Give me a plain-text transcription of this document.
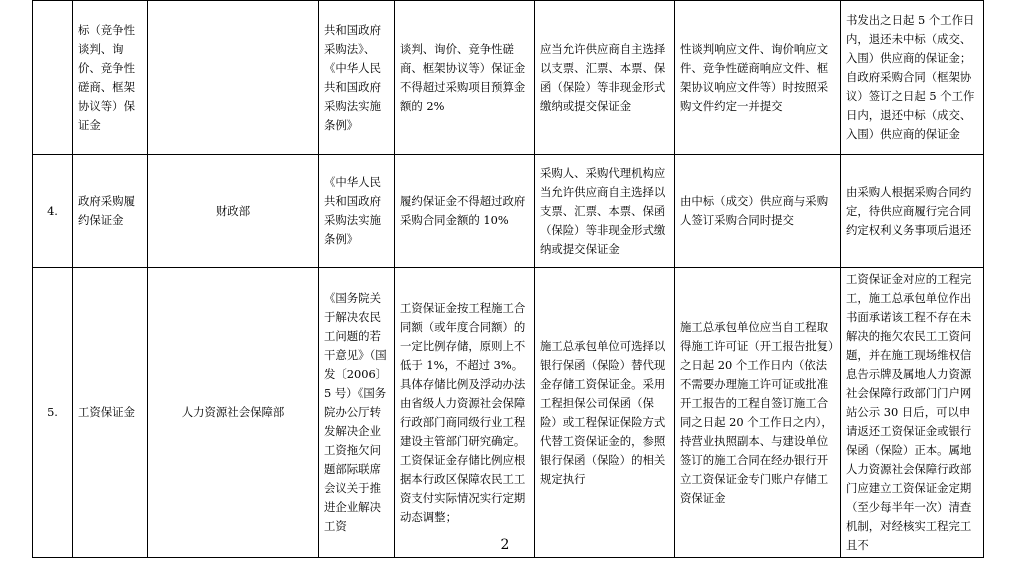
	标（竞争性谈判、询价、竞争性磋商、框架协议等）保证金		共和国政府采购法》、《中华人民共和国政府采购法实施条例》	谈判、询价、竞争性磋商、框架协议等）保证金不得超过采购项目预算金额的 2%	应当允许供应商自主选择以支票、汇票、本票、保函（保险）等非现金形式缴纳或提交保证金	性谈判响应文件、询价响应文件、竞争性磋商响应文件、框架协议响应文件等）时按照采购文件约定一并提交	书发出之日起 5 个工作日内，退还未中标（成交、入围）供应商的保证金；自政府采购合同（框架协议）签订之日起 5 个工作日内，退还中标（成交、入围）供应商的保证金
4.	政府采购履约保证金	财政部	《中华人民共和国政府采购法实施条例》	履约保证金不得超过政府采购合同金额的 10%	采购人、采购代理机构应当允许供应商自主选择以支票、汇票、本票、保函（保险）等非现金形式缴纳或提交保证金	由中标（成交）供应商与采购人签订采购合同时提交	由采购人根据采购合同约定，待供应商履行完合同约定权利义务事项后退还
5.	工资保证金	人力资源社会保障部	《国务院关于解决农民工问题的若干意见》（国发〔2006〕5 号）《国务院办公厅转发解决企业工资拖欠问题部际联席会议关于推进企业解决工资	工资保证金按工程施工合同额（或年度合同额）的一定比例存储，原则上不低于 1%，不超过 3%。具体存储比例及浮动办法由省级人力资源社会保障行政部门商同级行业工程建设主管部门研究确定。工资保证金存储比例应根据本行政区保障农民工工资支付实际情况实行定期动态调整；	施工总承包单位可选择以银行保函（保险）替代现金存储工资保证金。采用工程担保公司保函（保险）或工程保证保险方式代替工资保证金的，参照银行保函（保险）的相关规定执行	施工总承包单位应当自工程取得施工许可证（开工报告批复）之日起 20 个工作日内（依法不需要办理施工许可证或批准开工报告的工程自签订施工合同之日起 20 个工作日之内），持营业执照副本、与建设单位签订的施工合同在经办银行开立工资保证金专门账户存储工资保证金	工资保证金对应的工程完工，施工总承包单位作出书面承诺该工程不存在未解决的拖欠农民工工资问题，并在施工现场维权信息告示牌及属地人力资源社会保障行政部门门户网站公示 30 日后，可以申请返还工资保证金或银行保函（保险）正本。属地人力资源社会保障行政部门应建立工资保证金定期（至少每半年一次）清查机制，对经核实工程完工且不
2
